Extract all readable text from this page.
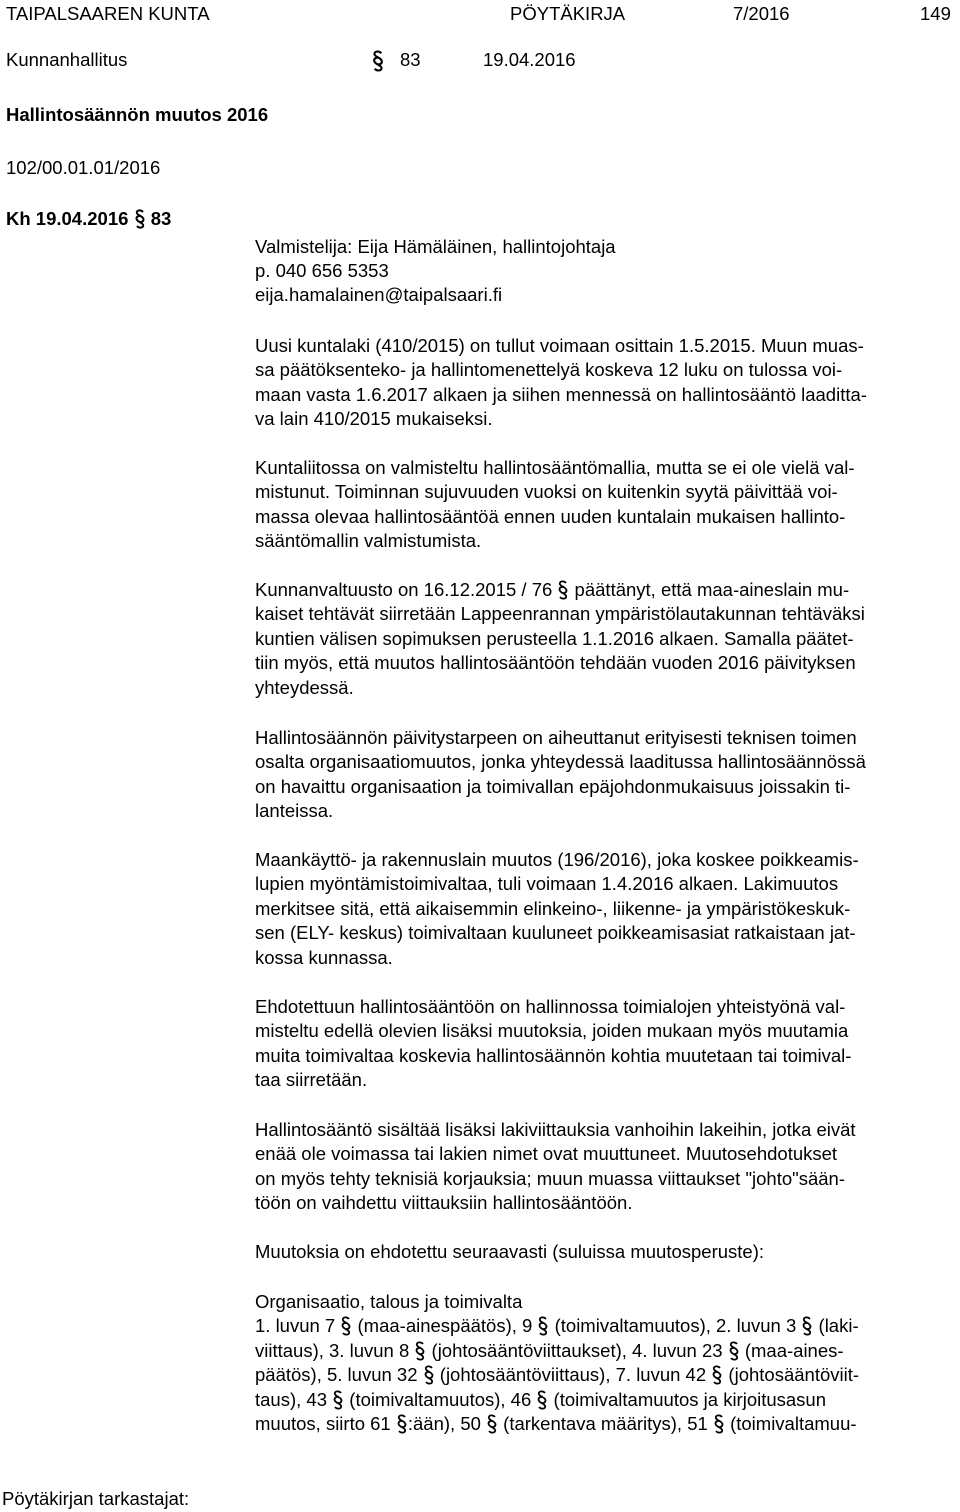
TAIPALSAAREN KUNTA	PÖYTÄKIRJA	7/2016	149
Kunnanhallitus	83	19.04.2016
Hallintosäännön muutos 2016
102/00.01.01/2016
Kh 19.04.2016 83
Valmistelija: Eija Hämäläinen, hallintojohtaja
p. 040 656 5353
eija.hamalainen@taipalsaari.fi
Uusi kuntalaki (410/2015) on tullut voimaan osittain 1.5.2015. Muun muas-
sa päätöksenteko- ja hallintomenettelyä koskeva 12 luku on tulossa voi-
maan vasta 1.6.2017 alkaen ja siihen mennessä on hallintosääntö laaditta-
va lain 410/2015 mukaiseksi.
Kuntaliitossa on valmisteltu hallintosääntömallia, mutta se ei ole vielä val-
mistunut. Toiminnan sujuvuuden vuoksi on kuitenkin syytä päivittää voi-
massa olevaa hallintosääntöä ennen uuden kuntalain mukaisen hallinto-
sääntömallin valmistumista.
Kunnanvaltuusto on 16.12.2015 / 76
päättänyt, että maa-aineslain mu-
kaiset tehtävät siirretään Lappeenrannan ympäristölautakunnan tehtäväksi
kuntien välisen sopimuksen perusteella 1.1.2016 alkaen. Samalla päätet-
tiin myös, että muutos hallintosääntöön tehdään vuoden 2016 päivityksen
yhteydessä.
Hallintosäännön päivitystarpeen on aiheuttanut erityisesti teknisen toimen
osalta organisaatiomuutos, jonka yhteydessä laaditussa hallintosäännössä
on havaittu organisaation ja toimivallan epäjohdonmukaisuus joissakin ti-
lanteissa.
Maankäyttö- ja rakennuslain muutos (196/2016), joka koskee poikkeamis-
lupien myöntämistoimivaltaa, tuli voimaan 1.4.2016 alkaen. Lakimuutos
merkitsee sitä, että aikaisemmin elinkeino-, liikenne- ja ympäristökeskuk-
sen (ELY- keskus) toimivaltaan kuuluneet poikkeamisasiat ratkaistaan jat-
kossa kunnassa.
Ehdotettuun hallintosääntöön on hallinnossa toimialojen yhteistyönä val-
misteltu edellä olevien lisäksi muutoksia, joiden mukaan myös muutamia
muita toimivaltaa koskevia hallintosäännön kohtia muutetaan tai toimival-
taa siirretään.
Hallintosääntö sisältää lisäksi lakiviittauksia vanhoihin lakeihin, jotka eivät
enää ole voimassa tai lakien nimet ovat muuttuneet. Muutosehdotukset
on myös tehty teknisiä korjauksia; muun muassa viittaukset "johto"sään-
töön on vaihdettu viittauksiin hallintosääntöön.
Muutoksia on ehdotettu seuraavasti (suluissa muutosperuste):
Organisaatio, talous ja toimivalta
1. luvun 7
(maa-ainespäätös), 9
(toimivaltamuutos), 2. luvun 3
(laki-
viittaus), 3. luvun 8
(johtosääntöviittaukset), 4. luvun 23
(maa-aines-
päätös), 5. luvun 32
(johtosääntöviittaus), 7. luvun 42
(johtosääntöviit-
taus), 43
(toimivaltamuutos), 46
(toimivaltamuutos ja kirjoitusasun
muutos, siirto 61
:ään), 50
(tarkentava määritys), 51
(toimivaltamuu-
Pöytäkirjan tarkastajat:
